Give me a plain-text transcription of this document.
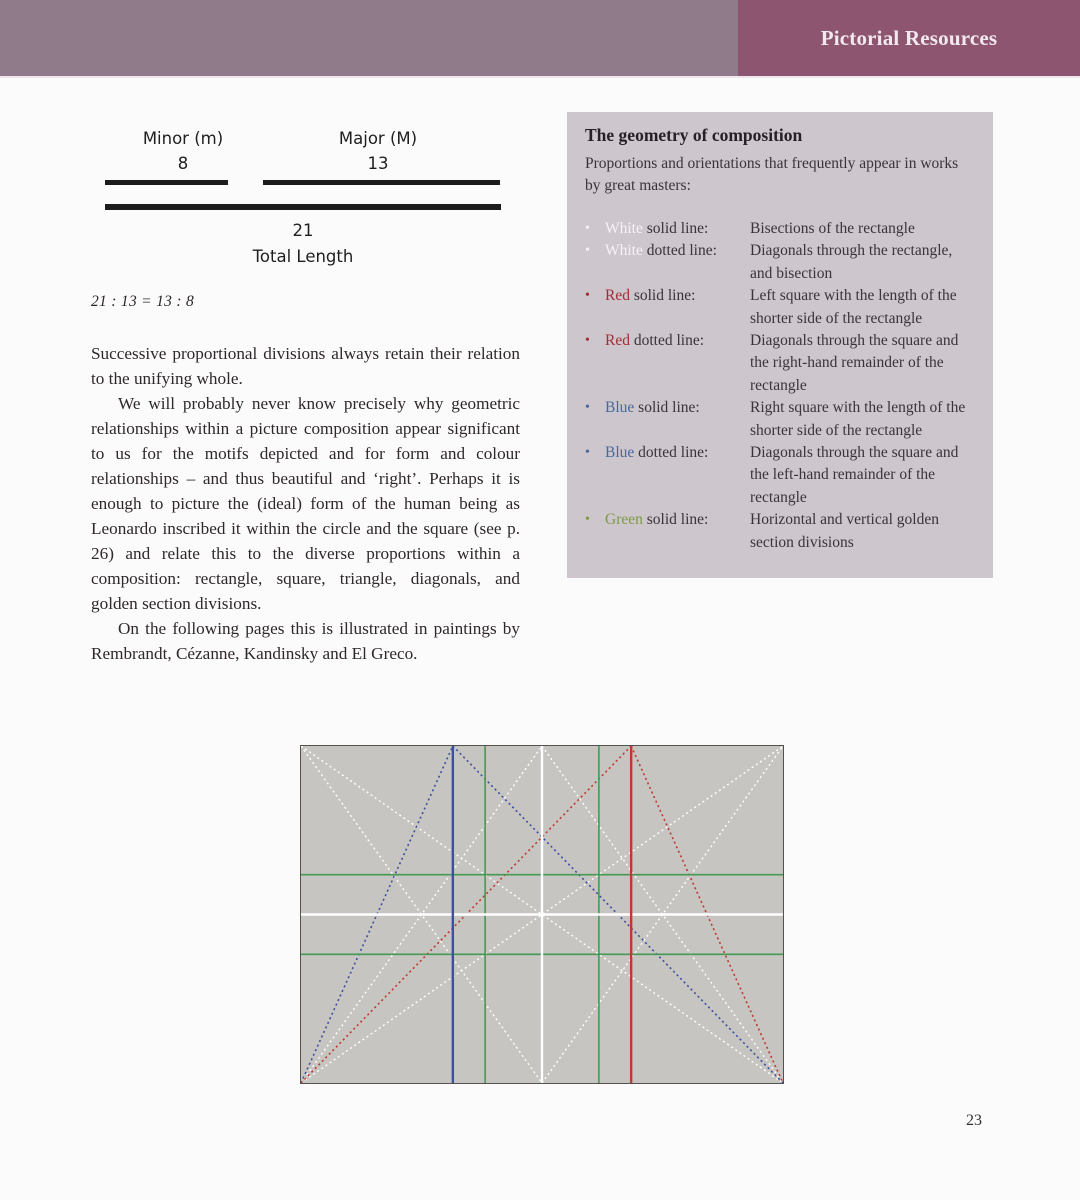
Pictorial Resources
Minor (m)
8
Major (M)
13
21
Total Length
21 : 13 = 13 : 8

Successive proportional divisions always retain their relation to the unifying whole.

We will probably never know precisely why geometric relationships within a picture composition appear significant to us for the motifs depicted and for form and colour relationships – and thus beautiful and ‘right’. Perhaps it is enough to picture the (ideal) form of the human being as Leonardo inscribed it within the circle and the square (see p. 26) and relate this to the diverse proportions within a composition: rectangle, square, triangle, diagonals, and golden section divisions.

On the following pages this is illustrated in paintings by Rembrandt, Cézanne, Kandinsky and El Greco.

The geometry of composition

Proportions and orientations that frequently appear in works by great masters:

• White solid line:	Bisections of the rectangle
• White dotted line:	Diagonals through the rectangle, and bisection
• Red solid line:	Left square with the length of the shorter side of the rectangle
• Red dotted line:	Diagonals through the square and the right-hand remainder of the rectangle
• Blue solid line:	Right square with the length of the shorter side of the rectangle
• Blue dotted line:	Diagonals through the square and the left-hand remainder of the rectangle
• Green solid line:	Horizontal and vertical golden section divisions
23
